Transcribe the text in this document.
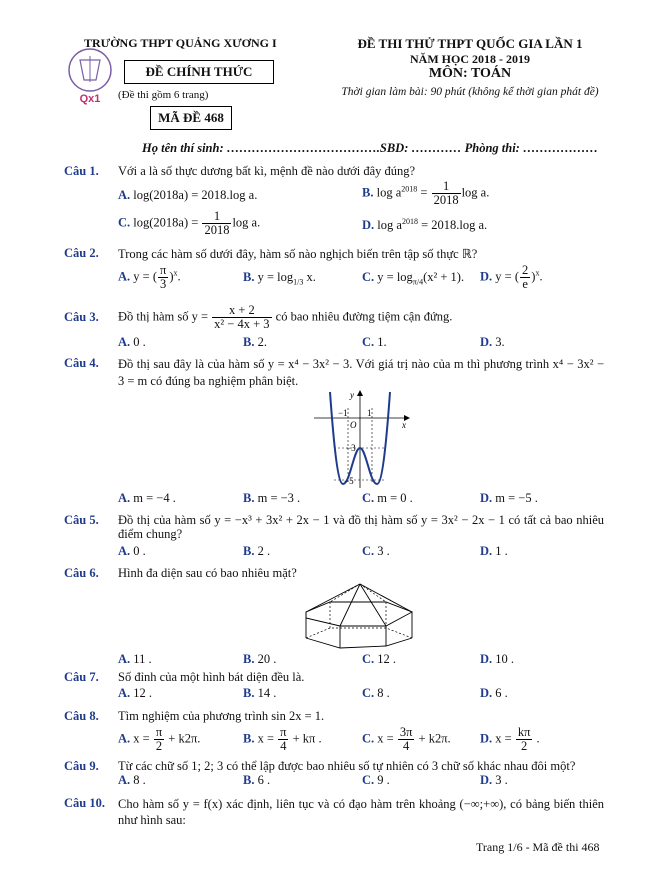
Qx1
TRƯỜNG THPT QUẢNG XƯƠNG I
ĐỀ CHÍNH THỨC
(Đề thi gồm 6 trang)
MÃ ĐỀ 468
ĐỀ THI THỬ THPT QUỐC GIA LẦN 1
NĂM HỌC 2018 - 2019
MÔN: TOÁN
Thời gian làm bài: 90 phút (không kể thời gian phát đề)
Họ tên thí sinh: ……………………………….SBD: ………… Phòng thi: ………………
Câu 1. Với a là số thực dương bất kì, mệnh đề nào dưới đây đúng?
A. log(2018a) = 2018.log a.	B. $\log a^{2018} = \frac{1}{2018}$ log a.
C. $\log(2018a) = \frac{1}{2018}$ log a.	D. $\log a^{2018} = 2018.\log$ a.
Câu 2. Trong các hàm số dưới đây, hàm số nào nghịch biến trên tập số thực ℝ?
A. y = ( $\frac{\pi}{3} )^x$.	B. $y = \log_{1/3} x$.	C. $y = \log_{\pi/4}(x^2 + 1)$. D. y = ( $\frac{2}{e} )^x$.
Câu 3. Đồ thị hàm số $y = \frac{x + 2}{\text{x² − 4x + 3}}$ có bao nhiêu đường tiệm cận đứng.
A. 0 .	B. 2.	C. 1.	D. 3.
Câu 4. Đồ thị sau đây là của hàm số y = x⁴ − 3x² − 3. Với giá trị nào của m thì phương trình x⁴ − 3x² − 3 = m có đúng ba nghiệm phân biệt.
y
x
O
−1 1
−3
−5
A. m = −4 .	B. m = −3 .	C. m = 0 .	D. m = −5 .
Câu 5. Đồ thị của hàm số y = −x³ + 3x² + 2x − 1 và đồ thị hàm số y = 3x² − 2x − 1 có tất cả bao nhiêu điểm chung?
A. 0 .	B. 2 .	C. 3 .	D. 1 .
Câu 6. Hình đa diện sau có bao nhiêu mặt?
A. 11 .	B. 20 .	C. 12 .	D. 10 .
Câu 7. Số đỉnh của một hình bát diện đều là.
A. 12 .	B. 14 .	C. 8 .	D. 6 .
Câu 8. Tìm nghiệm của phương trình sin 2x = 1.
A. $x = \frac{\pi}{2} + k2\pi$.	B. $x = \frac{\pi}{4} + k\pi$ .	C. $x = \frac{3\pi}{4} + k2\pi$. D. $x = \frac{k\pi}{2}$ .
Câu 9. Từ các chữ số 1; 2; 3 có thể lập được bao nhiêu số tự nhiên có 3 chữ số khác nhau đôi một?
A. 8 .	B. 6 .	C. 9 .	D. 3 .
Câu 10. Cho hàm số y = f(x) xác định, liên tục và có đạo hàm trên khoảng (−∞;+∞), có bảng biến thiên như hình sau:
Trang 1/6 - Mã đề thi 468
